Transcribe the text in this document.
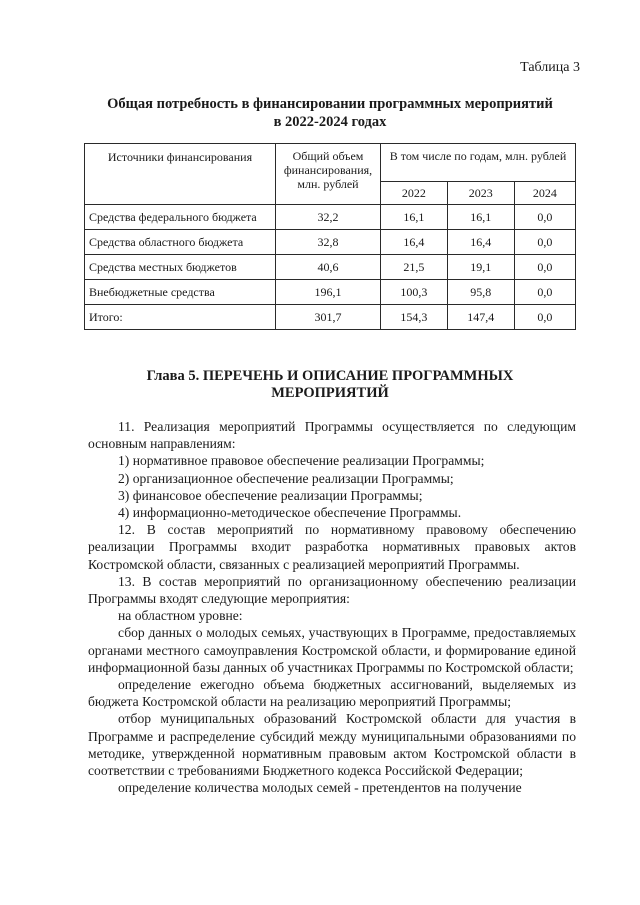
Таблица 3
Общая потребность в финансировании программных мероприятий
в 2022-2024 годах
Источники финансирования	Общий объем финансирования, млн. рублей	В том числе по годам, млн. рублей		
		2022	2023	2024
Средства федерального бюджета	32,2	16,1	16,1	0,0
Средства областного бюджета	32,8	16,4	16,4	0,0
Средства местных бюджетов	40,6	21,5	19,1	0,0
Внебюджетные средства	196,1	100,3	95,8	0,0
Итого:	301,7	154,3	147,4	0,0
Глава 5. ПЕРЕЧЕНЬ И ОПИСАНИЕ ПРОГРАММНЫХ
МЕРОПРИЯТИЙ

11. Реализация мероприятий Программы осуществляется по следующим основным направлениям:

1) нормативное правовое обеспечение реализации Программы;

2) организационное обеспечение реализации Программы;

3) финансовое обеспечение реализации Программы;

4) информационно-методическое обеспечение Программы.

12. В состав мероприятий по нормативному правовому обеспечению реализации Программы входит разработка нормативных правовых актов Костромской области, связанных с реализацией мероприятий Программы.

13. В состав мероприятий по организационному обеспечению реализации Программы входят следующие мероприятия:

на областном уровне:

сбор данных о молодых семьях, участвующих в Программе, предоставляемых органами местного самоуправления Костромской области, и формирование единой информационной базы данных об участниках Программы по Костромской области;

определение ежегодно объема бюджетных ассигнований, выделяемых из бюджета Костромской области на реализацию мероприятий Программы;

отбор муниципальных образований Костромской области для участия в Программе и распределение субсидий между муниципальными образованиями по методике, утвержденной нормативным правовым актом Костромской области в соответствии с требованиями Бюджетного кодекса Российской Федерации;

определение количества молодых семей - претендентов на получение
